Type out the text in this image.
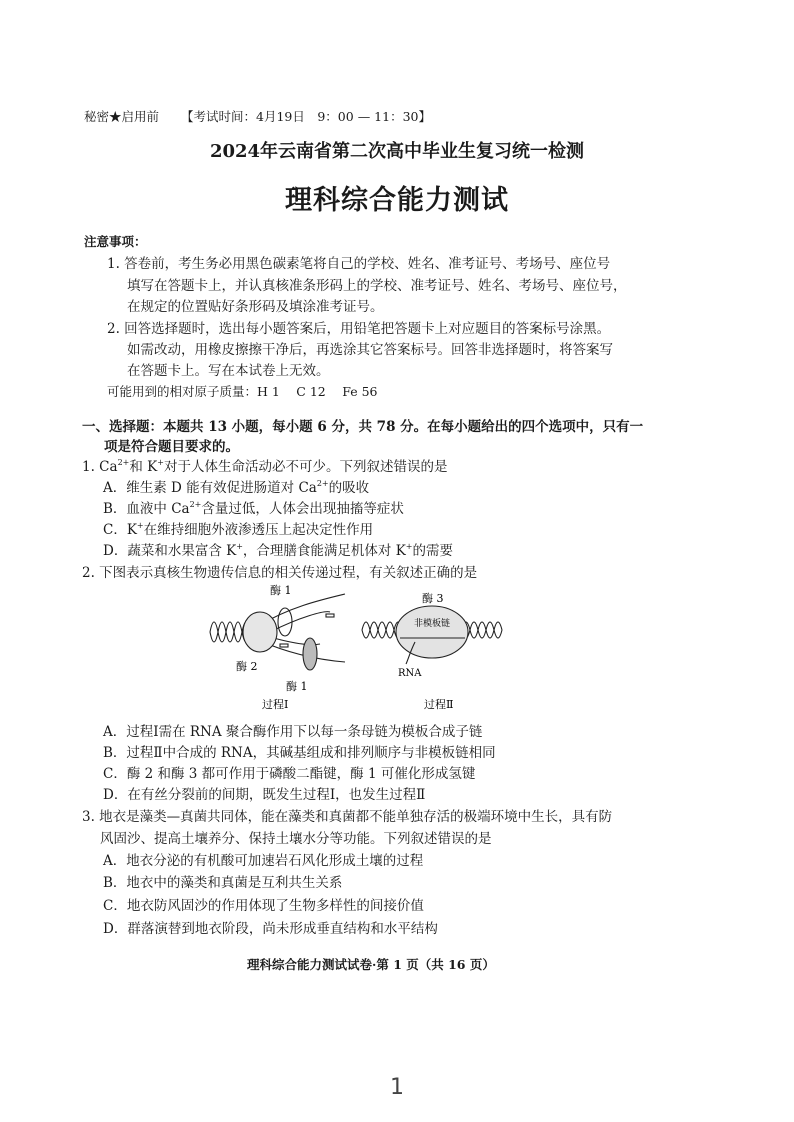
秘密★启用前 【考试时间：4月19日　9：00 — 11：30】
2024年云南省第二次高中毕业生复习统一检测
理科综合能力测试
注意事项：
1. 答卷前，考生务必用黑色碳素笔将自己的学校、姓名、准考证号、考场号、座位号
填写在答题卡上，并认真核准条形码上的学校、准考证号、姓名、考场号、座位号，
在规定的位置贴好条形码及填涂准考证号。
2. 回答选择题时，选出每小题答案后，用铅笔把答题卡上对应题目的答案标号涂黑。
如需改动，用橡皮擦擦干净后，再选涂其它答案标号。回答非选择题时，将答案写
在答题卡上。写在本试卷上无效。
可能用到的相对原子质量：H 1　 C 12　 Fe 56
一、选择题：本题共 13 小题，每小题 6 分，共 78 分。在每小题给出的四个选项中，只有一
项是符合题目要求的。
1. $Ca^{2+}$和 K+对于人体生命活动必不可少。下列叙述错误的是
A．维生素 D 能有效促进肠道对 $Ca^{2+}$的吸收
B．血液中 $Ca^{2+}$含量过低，人体会出现抽搐等症状
C．K+在维持细胞外液渗透压上起决定性作用
D．蔬菜和水果富含 K+，合理膳食能满足机体对 K+的需要
2. 下图表示真核生物遗传信息的相关传递过程，有关叙述正确的是
酶 1
酶 2
酶 1
过程Ⅰ
酶 3
非模板链
RNA
过程Ⅱ
A．过程Ⅰ需在 RNA 聚合酶作用下以每一条母链为模板合成子链
B．过程Ⅱ中合成的 RNA，其碱基组成和排列顺序与非模板链相同
C．酶 2 和酶 3 都可作用于磷酸二酯键，酶 1 可催化形成氢键
D．在有丝分裂前的间期，既发生过程Ⅰ，也发生过程Ⅱ
3. 地衣是藻类—真菌共同体，能在藻类和真菌都不能单独存活的极端环境中生长，具有防
风固沙、提高土壤养分、保持土壤水分等功能。下列叙述错误的是
A．地衣分泌的有机酸可加速岩石风化形成土壤的过程
B．地衣中的藻类和真菌是互利共生关系
C．地衣防风固沙的作用体现了生物多样性的间接价值
D．群落演替到地衣阶段，尚未形成垂直结构和水平结构
理科综合能力测试试卷·第 1 页（共 16 页）
1
